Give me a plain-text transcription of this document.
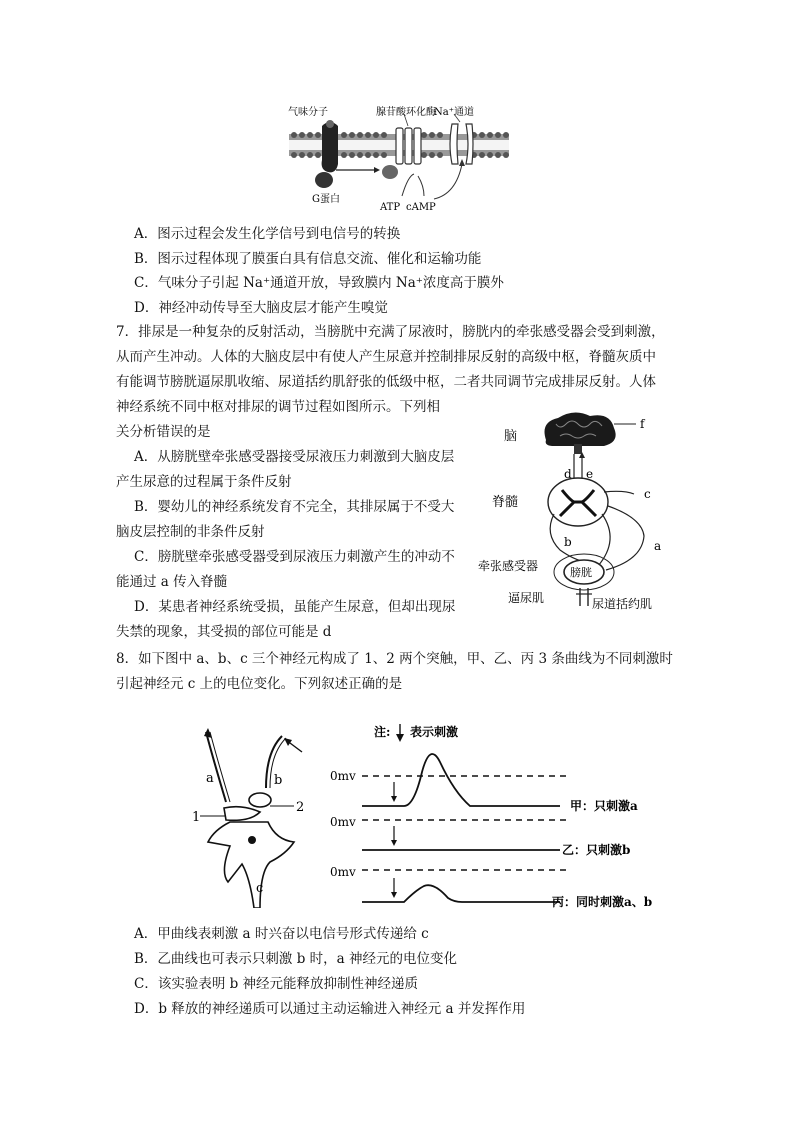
气味分子	腺苷酸环化酶
Na⁺通道
G蛋白
ATP cAMP
A．图示过程会发生化学信号到电信号的转换
B．图示过程体现了膜蛋白具有信息交流、催化和运输功能
C．气味分子引起 Na⁺通道开放，导致膜内 Na⁺浓度高于膜外
D．神经冲动传导至大脑皮层才能产生嗅觉
7．排尿是一种复杂的反射活动，当膀胱中充满了尿液时，膀胱内的牵张感受器会受到刺激，
从而产生冲动。人体的大脑皮层中有使人产生尿意并控制排尿反射的高级中枢，脊髓灰质中
有能调节膀胱逼尿肌收缩、尿道括约肌舒张的低级中枢，二者共同调节完成排尿反射。人体
神经系统不同中枢对排尿的调节过程如图所示。下列相
关分析错误的是
A．从膀胱壁牵张感受器接受尿液压力刺激到大脑皮层
产生尿意的过程属于条件反射
B．婴幼儿的神经系统发育不完全，其排尿属于不受大
脑皮层控制的非条件反射
C．膀胱壁牵张感受器受到尿液压力刺激产生的冲动不
能通过 a 传入脊髓
D．某患者神经系统受损，虽能产生尿意，但却出现尿
失禁的现象，其受损的部位可能是 d
脑
脊髓
牵张感受器	膀胱
逼尿肌	尿道括约肌
f
d e
c
b	a
8．如下图中 a、b、c 三个神经元构成了 1、2 两个突触，甲、乙、丙 3 条曲线为不同刺激时
引起神经元 c 上的电位变化。下列叙述正确的是
a	b
c
1
2
注: 表示刺激
0mv
甲：只刺激a
0mv
乙：只刺激b
0mv
丙：同时刺激a、b
A．甲曲线表刺激 a 时兴奋以电信号形式传递给 c
B．乙曲线也可表示只刺激 b 时，a 神经元的电位变化
C．该实验表明 b 神经元能释放抑制性神经递质
D．b 释放的神经递质可以通过主动运输进入神经元 a 并发挥作用
